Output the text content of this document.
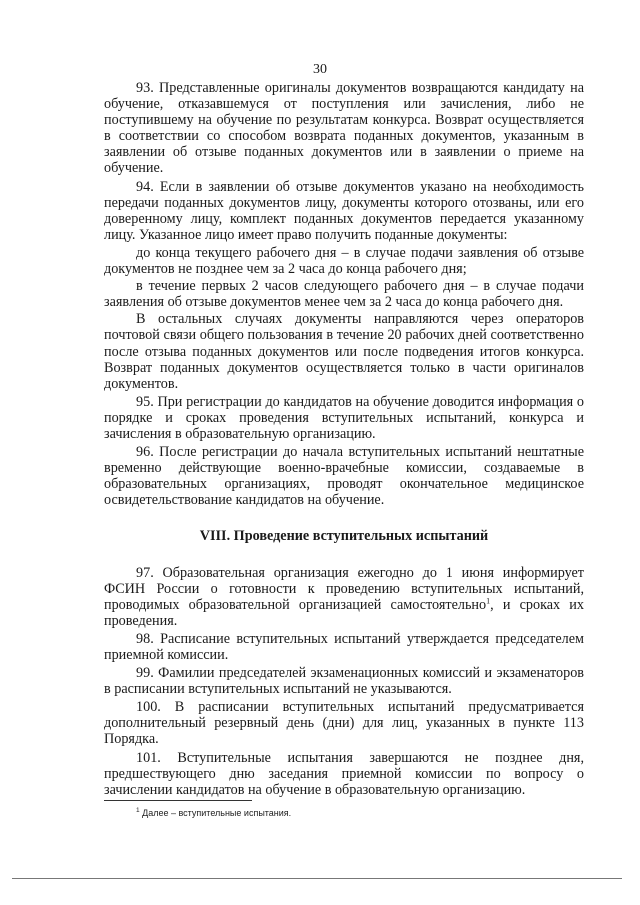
30

93. Представленные оригиналы документов возвращаются кандидату на обучение, отказавшемуся от поступления или зачисления, либо не поступившему на обучение по результатам конкурса. Возврат осуществляется в соответствии со способом возврата поданных документов, указанным в заявлении об отзыве поданных документов или в заявлении о приеме на обучение.

94. Если в заявлении об отзыве документов указано на необходимость передачи поданных документов лицу, документы которого отозваны, или его доверенному лицу, комплект поданных документов передается указанному лицу. Указанное лицо имеет право получить поданные документы:

до конца текущего рабочего дня – в случае подачи заявления об отзыве документов не позднее чем за 2 часа до конца рабочего дня;

в течение первых 2 часов следующего рабочего дня – в случае подачи заявления об отзыве документов менее чем за 2 часа до конца рабочего дня.

В остальных случаях документы направляются через операторов почтовой связи общего пользования в течение 20 рабочих дней соответственно после отзыва поданных документов или после подведения итогов конкурса. Возврат поданных документов осуществляется только в части оригиналов документов.

95. При регистрации до кандидатов на обучение доводится информация о порядке и сроках проведения вступительных испытаний, конкурса и зачисления в образовательную организацию.

96. После регистрации до начала вступительных испытаний нештатные временно действующие военно-врачебные комиссии, создаваемые в образовательных организациях, проводят окончательное медицинское освидетельствование кандидатов на обучение.

VIII. Проведение вступительных испытаний

97. Образовательная организация ежегодно до 1 июня информирует ФСИН России о готовности к проведению вступительных испытаний, проводимых образовательной организацией самостоятельно$^1$, и сроках их проведения.

98. Расписание вступительных испытаний утверждается председателем приемной комиссии.

99. Фамилии председателей экзаменационных комиссий и экзаменаторов в расписании вступительных испытаний не указываются.

100. В расписании вступительных испытаний предусматривается дополнительный резервный день (дни) для лиц, указанных в пункте 113 Порядка.

101. Вступительные испытания завершаются не позднее дня, предшествующего дню заседания приемной комиссии по вопросу о зачислении кандидатов на обучение в образовательную организацию.

$^1$ Далее – вступительные испытания.
